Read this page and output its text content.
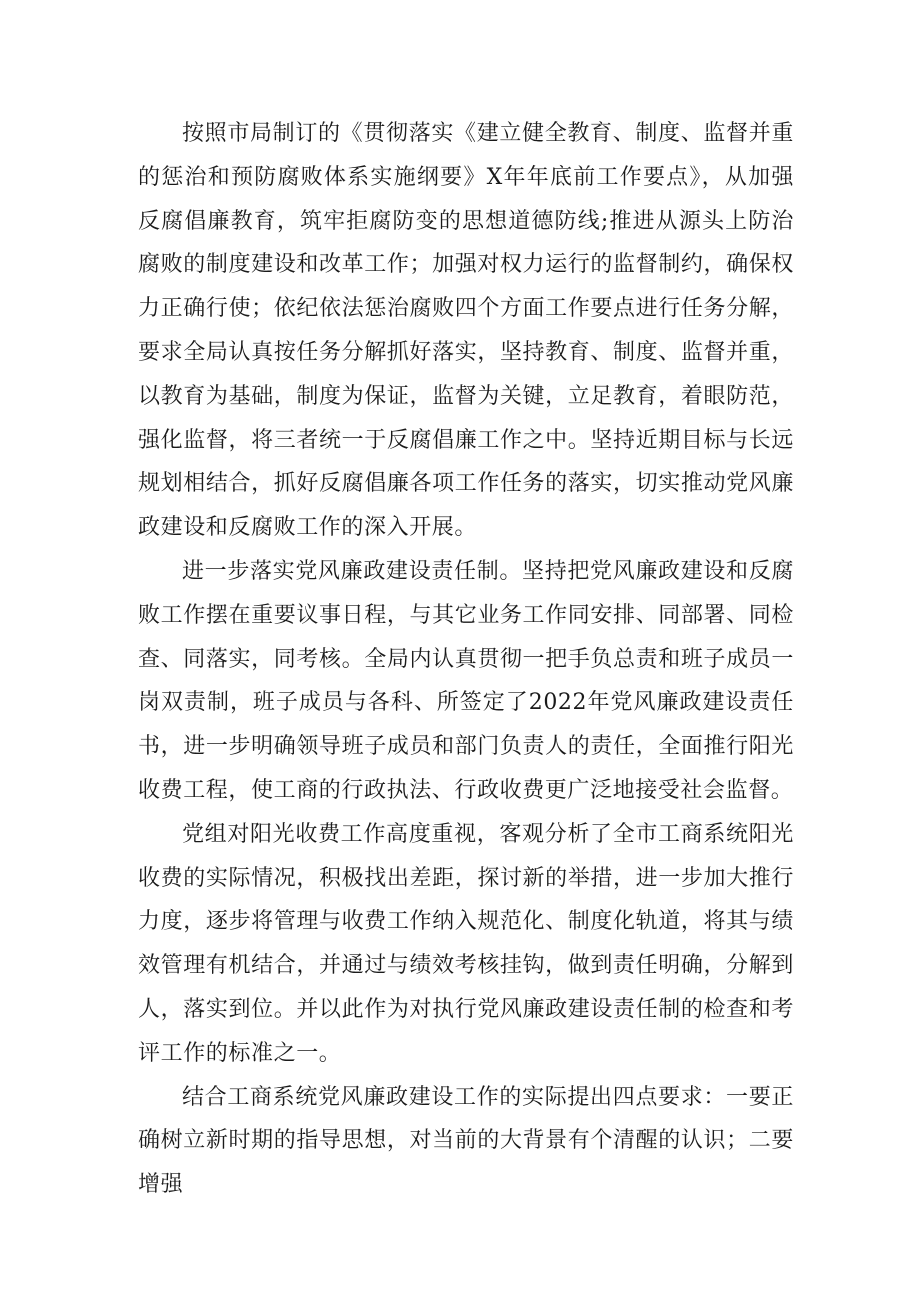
按照市局制订的《贯彻落实《建立健全教育、制度、监督并重的惩治和预防腐败体系实施纲要》X年年底前工作要点》，从加强反腐倡廉教育，筑牢拒腐防变的思想道德防线;推进从源头上防治腐败的制度建设和改革工作；加强对权力运行的监督制约，确保权力正确行使；依纪依法惩治腐败四个方面工作要点进行任务分解，要求全局认真按任务分解抓好落实，坚持教育、制度、监督并重，以教育为基础，制度为保证，监督为关键，立足教育，着眼防范，强化监督，将三者统一于反腐倡廉工作之中。坚持近期目标与长远规划相结合，抓好反腐倡廉各项工作任务的落实，切实推动党风廉政建设和反腐败工作的深入开展。

进一步落实党风廉政建设责任制。坚持把党风廉政建设和反腐败工作摆在重要议事日程，与其它业务工作同安排、同部署、同检查、同落实，同考核。全局内认真贯彻一把手负总责和班子成员一岗双责制，班子成员与各科、所签定了2022年党风廉政建设责任书，进一步明确领导班子成员和部门负责人的责任，全面推行阳光收费工程，使工商的行政执法、行政收费更广泛地接受社会监督。

党组对阳光收费工作高度重视，客观分析了全市工商系统阳光收费的实际情况，积极找出差距，探讨新的举措，进一步加大推行力度，逐步将管理与收费工作纳入规范化、制度化轨道，将其与绩效管理有机结合，并通过与绩效考核挂钩，做到责任明确，分解到人，落实到位。并以此作为对执行党风廉政建设责任制的检查和考评工作的标准之一。

结合工商系统党风廉政建设工作的实际提出四点要求：一要正确树立新时期的指导思想，对当前的大背景有个清醒的认识；二要增强
